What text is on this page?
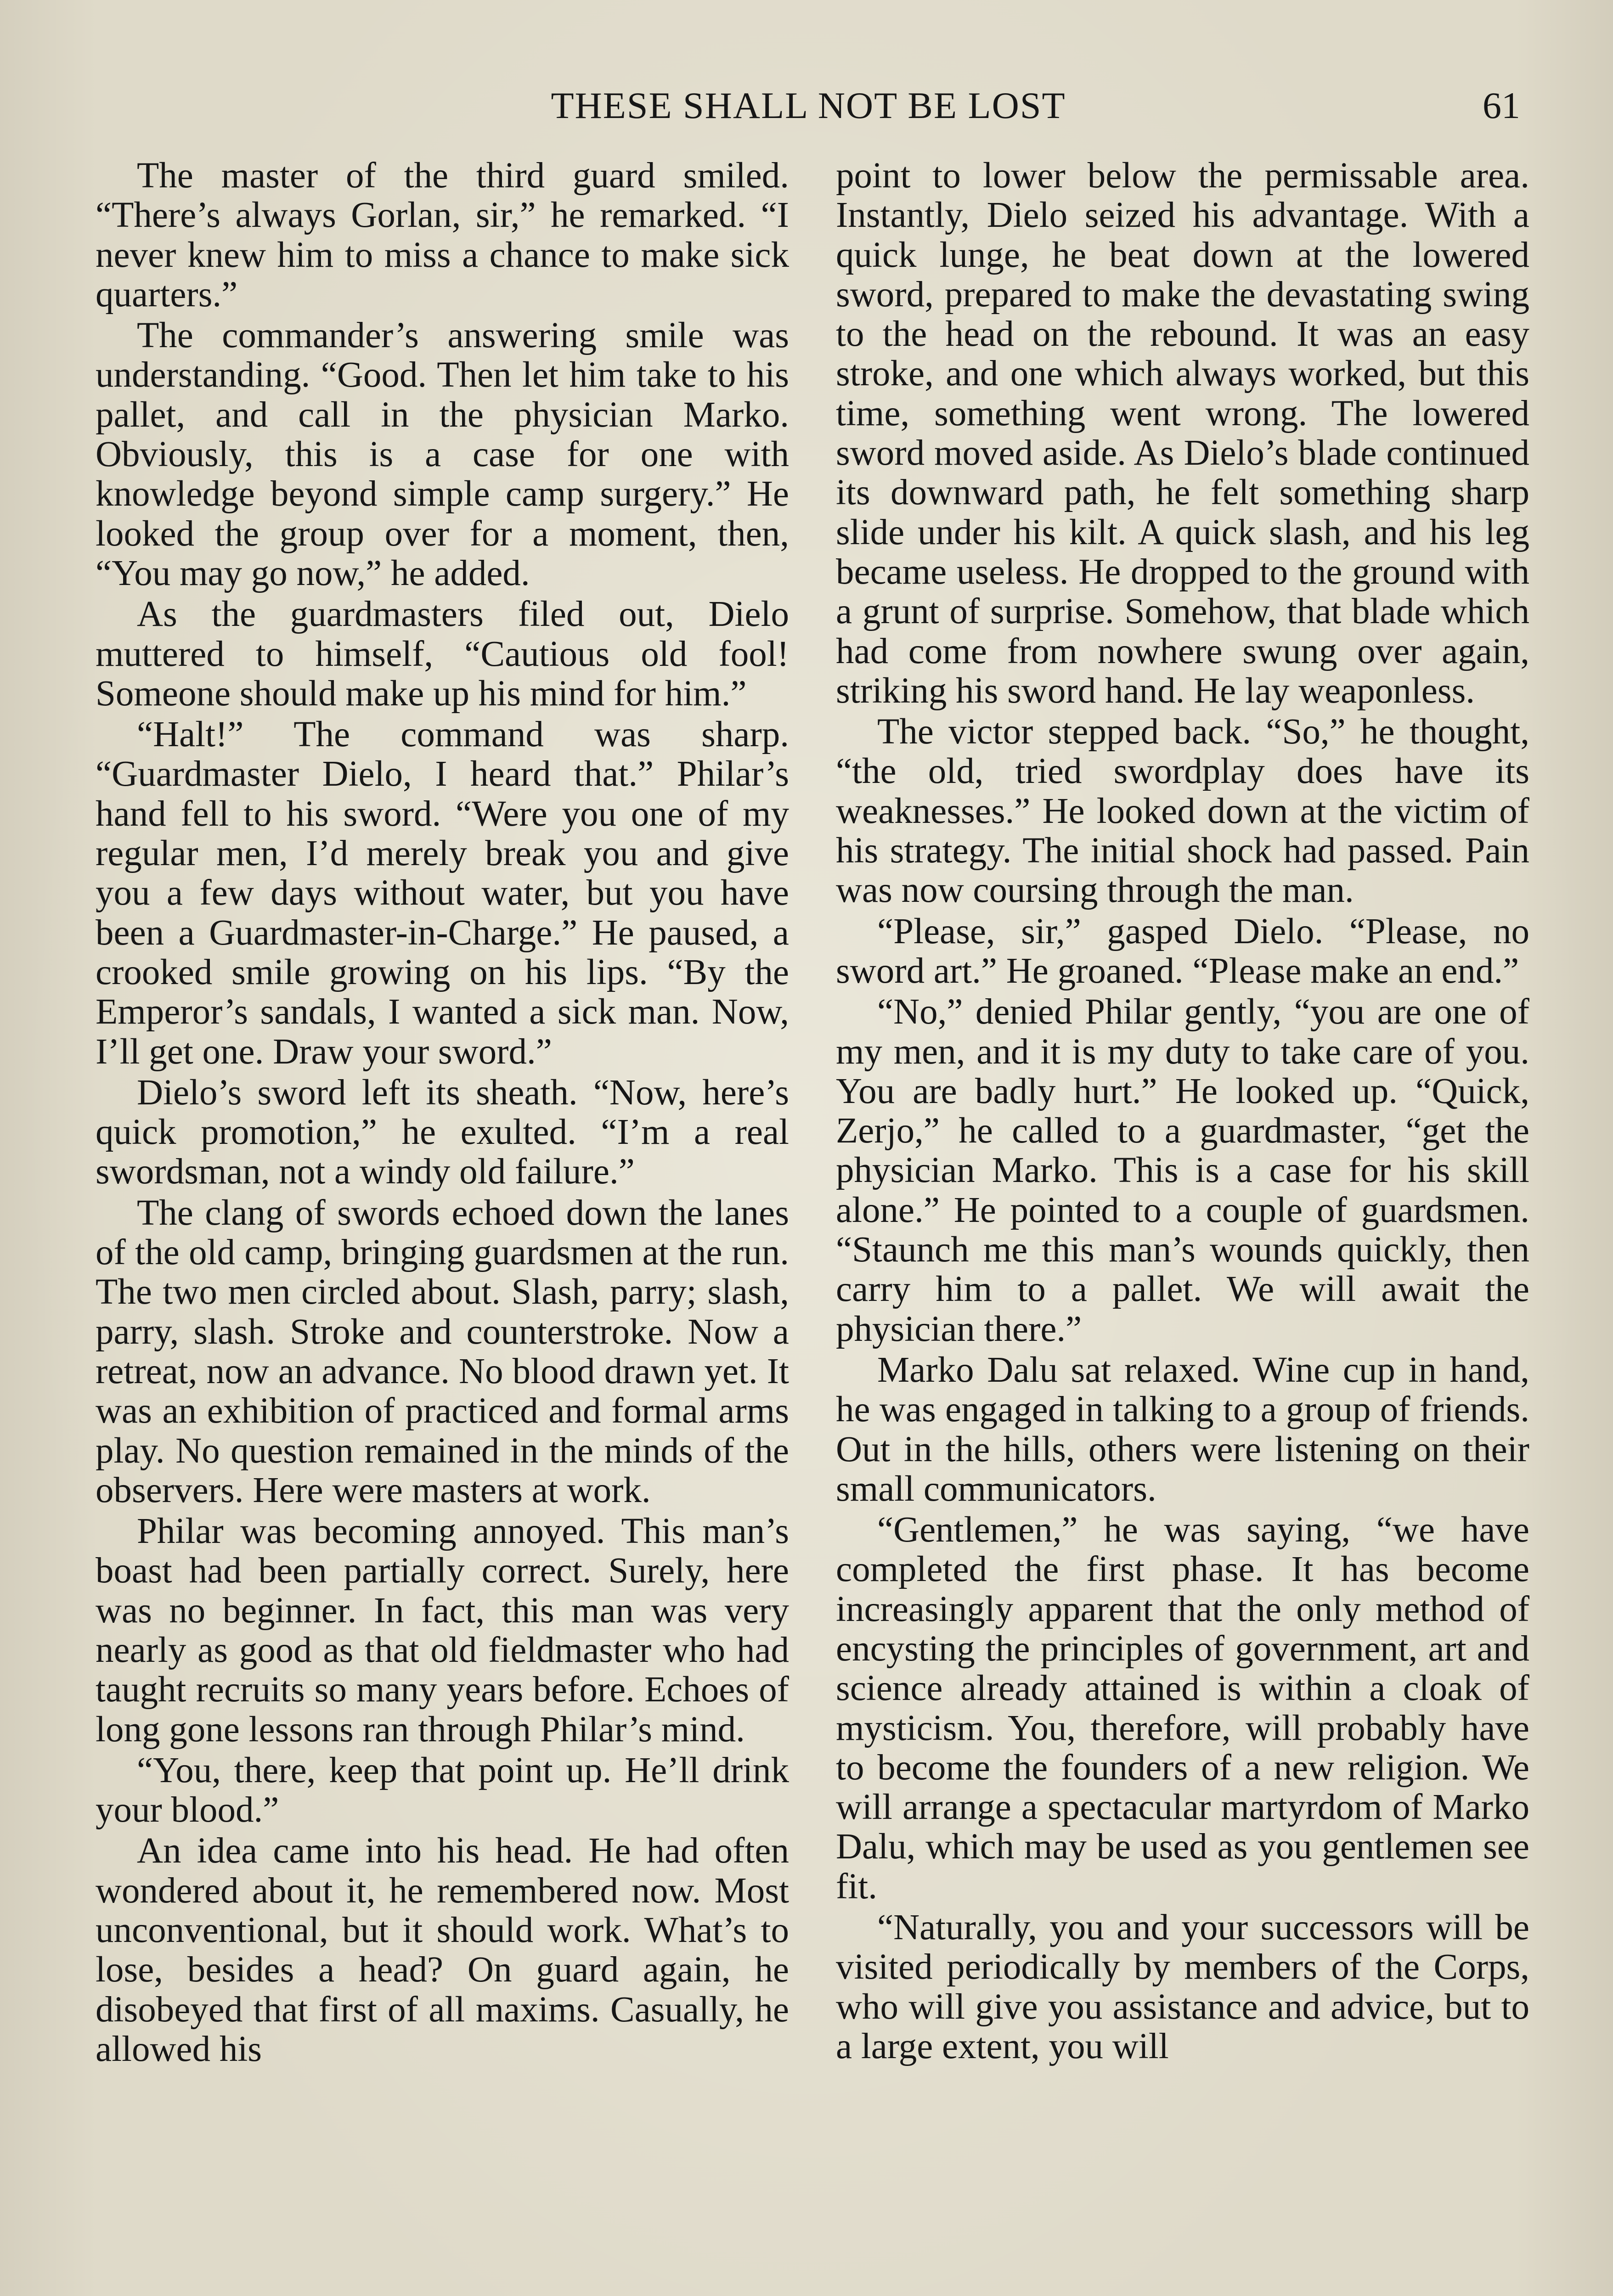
THESE SHALL NOT BE LOST	61

The master of the third guard smiled. “There’s always Gorlan, sir,” he remarked. “I never knew him to miss a chance to make sick quarters.”

The commander’s answering smile was understanding. “Good. Then let him take to his pallet, and call in the physician Marko. Obviously, this is a case for one with knowledge beyond simple camp surgery.” He looked the group over for a moment, then, “You may go now,” he added.

As the guardmasters filed out, Dielo muttered to himself, “Cautious old fool! Someone should make up his mind for him.”

“Halt!” The command was sharp. “Guardmaster Dielo, I heard that.” Philar’s hand fell to his sword. “Were you one of my regular men, I’d merely break you and give you a few days without water, but you have been a Guardmaster-in-Charge.” He paused, a crooked smile growing on his lips. “By the Emperor’s sandals, I wanted a sick man. Now, I’ll get one. Draw your sword.”

Dielo’s sword left its sheath. “Now, here’s quick promotion,” he exulted. “I’m a real swordsman, not a windy old failure.”

The clang of swords echoed down the lanes of the old camp, bringing guardsmen at the run. The two men circled about. Slash, parry; slash, parry, slash. Stroke and counterstroke. Now a retreat, now an advance. No blood drawn yet. It was an exhibition of practiced and formal arms play. No question remained in the minds of the observers. Here were masters at work.

Philar was becoming annoyed. This man’s boast had been partially correct. Surely, here was no beginner. In fact, this man was very nearly as good as that old fieldmaster who had taught recruits so many years before. Echoes of long gone lessons ran through Philar’s mind.

“You, there, keep that point up. He’ll drink your blood.”

An idea came into his head. He had often wondered about it, he remembered now. Most unconventional, but it should work. What’s to lose, besides a head? On guard again, he disobeyed that first of all maxims. Casually, he allowed his

point to lower below the permissable area. Instantly, Dielo seized his advantage. With a quick lunge, he beat down at the lowered sword, prepared to make the devastating swing to the head on the rebound. It was an easy stroke, and one which always worked, but this time, something went wrong. The lowered sword moved aside. As Dielo’s blade continued its downward path, he felt something sharp slide under his kilt. A quick slash, and his leg became useless. He dropped to the ground with a grunt of surprise. Somehow, that blade which had come from nowhere swung over again, striking his sword hand. He lay weaponless.

The victor stepped back. “So,” he thought, “the old, tried swordplay does have its weaknesses.” He looked down at the victim of his strategy. The initial shock had passed. Pain was now coursing through the man.

“Please, sir,” gasped Dielo. “Please, no sword art.” He groaned. “Please make an end.”

“No,” denied Philar gently, “you are one of my men, and it is my duty to take care of you. You are badly hurt.” He looked up. “Quick, Zerjo,” he called to a guardmaster, “get the physician Marko. This is a case for his skill alone.” He pointed to a couple of guardsmen. “Staunch me this man’s wounds quickly, then carry him to a pallet. We will await the physician there.”

Marko Dalu sat relaxed. Wine cup in hand, he was engaged in talking to a group of friends. Out in the hills, others were listening on their small communicators.

“Gentlemen,” he was saying, “we have completed the first phase. It has become increasingly apparent that the only method of encysting the principles of government, art and science already attained is within a cloak of mysticism. You, therefore, will probably have to become the founders of a new religion. We will arrange a spectacular martyrdom of Marko Dalu, which may be used as you gentlemen see fit.

“Naturally, you and your successors will be visited periodically by members of the Corps, who will give you assistance and advice, but to a large extent, you will
